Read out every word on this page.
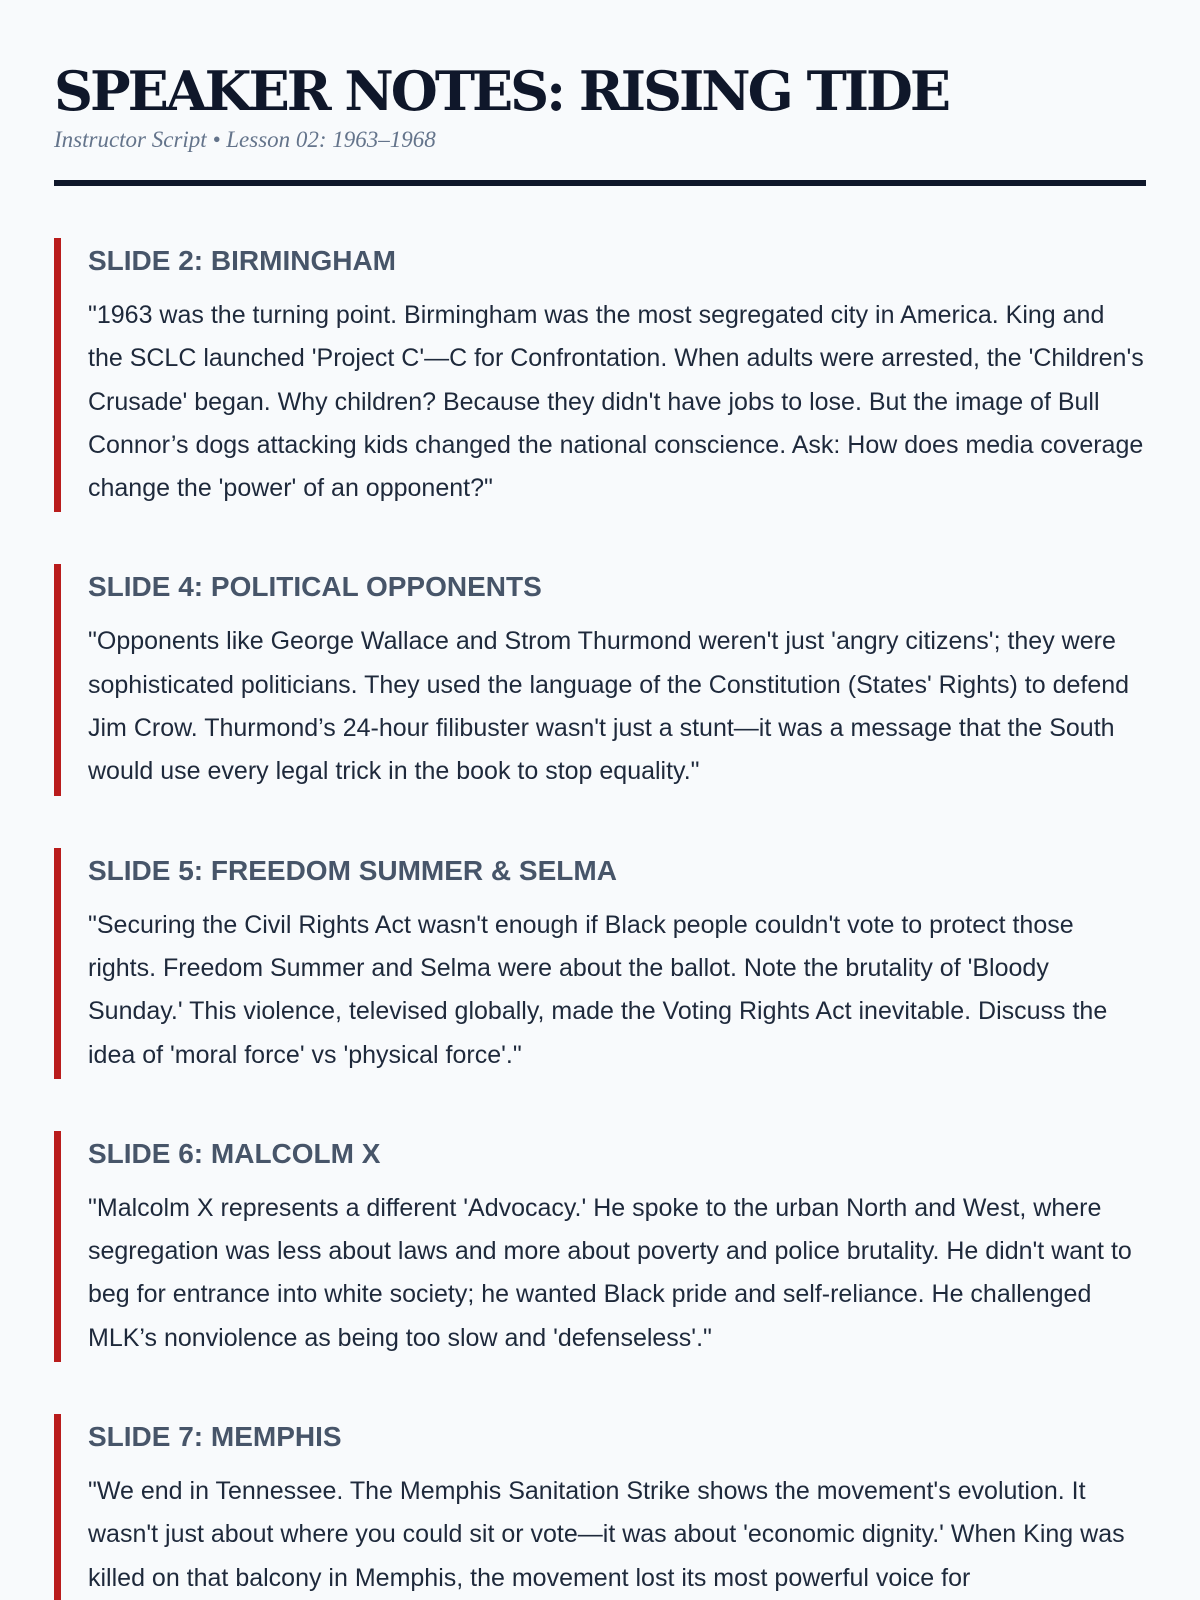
SPEAKER NOTES: RISING TIDE

Instructor Script • Lesson 02: 1963–1968

SLIDE 2: BIRMINGHAM

"1963 was the turning point. Birmingham was the most segregated city in America. King and the SCLC launched 'Project C'—C for Confrontation. When adults were arrested, the 'Children's Crusade' began. Why children? Because they didn't have jobs to lose. But the image of Bull Connor’s dogs attacking kids changed the national conscience. Ask: How does media coverage change the 'power' of an opponent?"

SLIDE 4: POLITICAL OPPONENTS

"Opponents like George Wallace and Strom Thurmond weren't just 'angry citizens'; they were sophisticated politicians. They used the language of the Constitution (States' Rights) to defend Jim Crow. Thurmond’s 24-hour filibuster wasn't just a stunt—it was a message that the South would use every legal trick in the book to stop equality."

SLIDE 5: FREEDOM SUMMER & SELMA

"Securing the Civil Rights Act wasn't enough if Black people couldn't vote to protect those rights. Freedom Summer and Selma were about the ballot. Note the brutality of 'Bloody Sunday.' This violence, televised globally, made the Voting Rights Act inevitable. Discuss the idea of 'moral force' vs 'physical force'."

SLIDE 6: MALCOLM X

"Malcolm X represents a different 'Advocacy.' He spoke to the urban North and West, where segregation was less about laws and more about poverty and police brutality. He didn't want to beg for entrance into white society; he wanted Black pride and self-reliance. He challenged MLK’s nonviolence as being too slow and 'defenseless'."

SLIDE 7: MEMPHIS

"We end in Tennessee. The Memphis Sanitation Strike shows the movement's evolution. It wasn't just about where you could sit or vote—it was about 'economic dignity.' When King was killed on that balcony in Memphis, the movement lost its most powerful voice for
